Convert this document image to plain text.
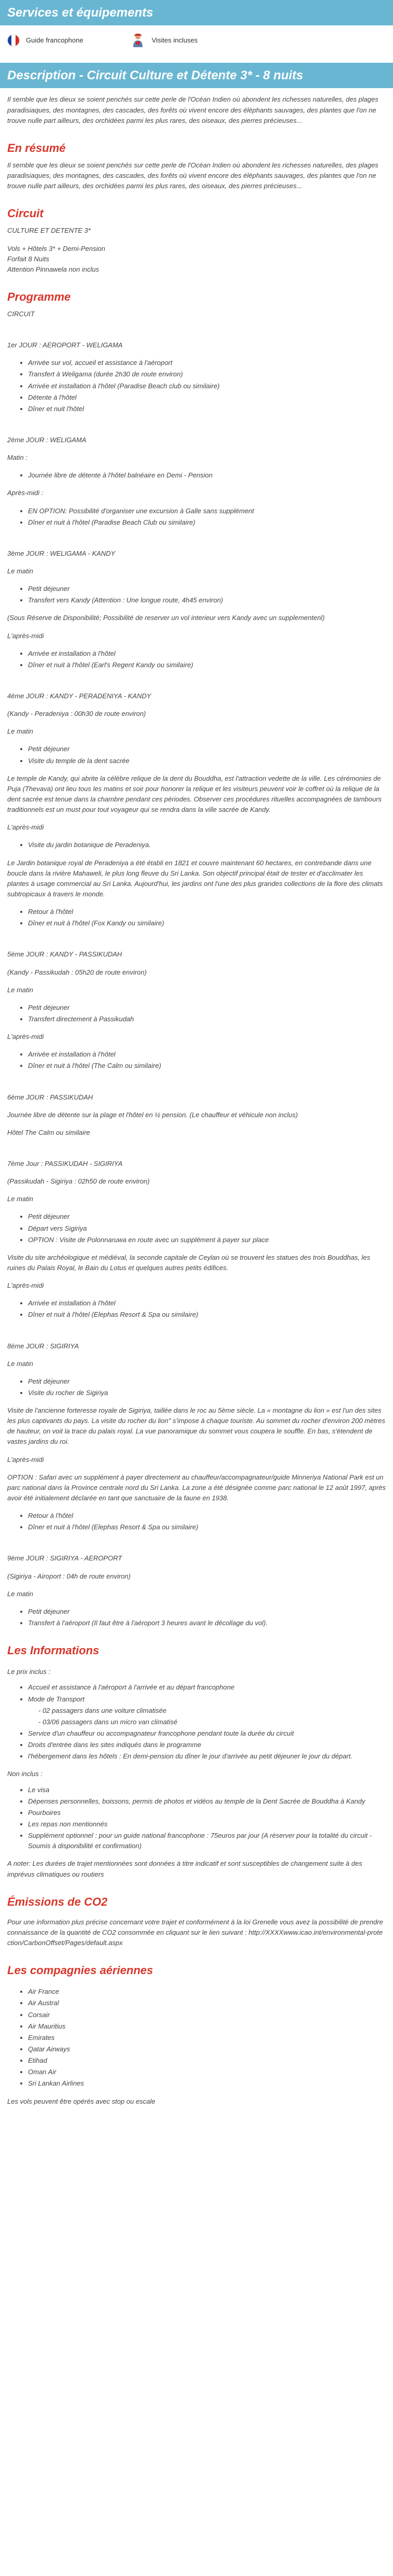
Services et équipements
Guide francophone	Visites incluses
Description - Circuit Culture et Détente 3* - 8 nuits

Il semble que les dieux se soient penchés sur cette perle de l'Océan Indien où abondent les richesses naturelles, des plages paradisiaques, des montagnes, des cascades, des forêts où vivent encore des éléphants sauvages, des plantes que l'on ne trouve nulle part ailleurs, des orchidées parmi les plus rares, des oiseaux, des pierres précieuses...

En résumé

Il semble que les dieux se soient penchés sur cette perle de l'Océan Indien où abondent les richesses naturelles, des plages paradisiaques, des montagnes, des cascades, des forêts où vivent encore des éléphants sauvages, des plantes que l'on ne trouve nulle part ailleurs, des orchidées parmi les plus rares, des oiseaux, des pierres précieuses...

Circuit

CULTURE ET DETENTE 3*

Vols + Hôtels 3* + Demi-Pension

Forfait 8 Nuits

Attention Pinnawela non inclus

Programme

CIRCUIT

1er JOUR : AEROPORT - WELIGAMA

• Arrivée sur vol, accueil et assistance à l'aéroport
• Transfert à Weligama (durée 2h30 de route environ)
• Arrivée et installation à l'hôtel (Paradise Beach club ou similaire)
• Détente à l'hôtel
• Dîner et nuit l'hôtel

2ème JOUR : WELIGAMA

Matin :

• Journée libre de détente à l'hôtel balnéaire en Demi - Pension

Après-midi :

• EN OPTION: Possibilité d'organiser une excursion à Galle sans supplément
• Dîner et nuit à l'hôtel (Paradise Beach Club ou similaire)

3ème JOUR : WELIGAMA - KANDY

Le matin

• Petit déjeuner
• Transfert vers Kandy (Attention : Une longue route, 4h45 environ)

(Sous Réserve de Disponibilité; Possibilité de reserver un vol interieur vers Kandy avec un supplementenl)

L'après-midi

• Arrivée et installation à l'hôtel
• Dîner et nuit à l'hôtel (Earl's Regent Kandy ou similaire)

4ème JOUR : KANDY - PERADENIYA - KANDY

(Kandy - Peradeniya : 00h30 de route environ)

Le matin

• Petit déjeuner
• Visite du temple de la dent sacrée

Le temple de Kandy, qui abrite la célèbre relique de la dent du Bouddha, est l'attraction vedette de la ville. Les cérémonies de Puja (Thevava) ont lieu tous les matins et soir pour honorer la relique et les visiteurs peuvent voir le coffret où la relique de la dent sacrée est tenue dans la chambre pendant ces périodes. Observer ces procédures rituelles accompagnées de tambours traditionnels est un must pour tout voyageur qui se rendra dans la ville sacrée de Kandy.

L'après-midi

• Visite du jardin botanique de Peradeniya.

Le Jardin botanique royal de Peradeniya a été établi en 1821 et couvre maintenant 60 hectares, en contrebande dans une boucle dans la rivière Mahaweli, le plus long fleuve du Sri Lanka. Son objectif principal était de tester et d'acclimater les plantes à usage commercial au Sri Lanka. Aujourd'hui, les jardins ont l'une des plus grandes collections de la flore des climats subtropicaux à travers le monde.

• Retour à l'hôtel
• Dîner et nuit à l'hôtel (Fox Kandy ou similaire)

5ème JOUR : KANDY - PASSIKUDAH

(Kandy - Passikudah : 05h20 de route environ)

Le matin

• Petit déjeuner
• Transfert directement à Passikudah

L'après-midi

• Arrivée et installation à l'hôtel
• Dîner et nuit à l'hôtel (The Calm ou similaire)

6ème JOUR : PASSIKUDAH

Journée libre de détente sur la plage et l'hôtel en ½ pension. (Le chauffeur et véhicule non inclus)

Hôtel The Calm ou similaire

7ème Jour : PASSIKUDAH - SIGIRIYA

(Passikudah - Sigiriya : 02h50 de route environ)

Le matin

• Petit déjeuner
• Départ vers Sigiriya
• OPTION : Visite de Polonnaruwa en route avec un supplément à payer sur place

Visite du site archéologique et médiéval, la seconde capitale de Ceylan où se trouvent les statues des trois Bouddhas, les ruines du Palais Royal, le Bain du Lotus et quelques autres petits édifices.

L'après-midi

• Arrivée et installation à l'hôtel
• Dîner et nuit à l'hôtel (Elephas Resort & Spa ou similaire)

8ème JOUR : SIGIRIYA

Le matin

• Petit déjeuner
• Visite du rocher de Sigiriya

Visite de l'ancienne forteresse royale de Sigiriya, taillée dans le roc au 5ème siècle. La « montagne du lion » est l'un des sites les plus captivants du pays. La visite du rocher du lion" s'impose à chaque touriste. Au sommet du rocher d'environ 200 mètres de hauteur, on voit la trace du palais royal. La vue panoramique du sommet vous coupera le souffle. En bas, s'étendent de vastes jardins du roi.

L'après-midi

OPTION : Safari avec un supplément à payer directement au chauffeur/accompagnateur/guide Minneriya National Park est un parc national dans la Province centrale nord du Sri Lanka. La zone a été désignée comme parc national le 12 août 1997, après avoir été initialement déclarée en tant que sanctuaire de la faune en 1938.

• Retour à l'hôtel
• Dîner et nuit à l'hôtel (Elephas Resort & Spa ou similaire)

9ème JOUR : SIGIRIYA - AEROPORT

(Sigiriya - Airoport : 04h de route environ)

Le matin

• Petit déjeuner
• Transfert à l'aéroport (Il faut être à l'aéroport 3 heures avant le décollage du vol).
Les Informations

Le prix inclus :

• Accueil et assistance à l'aéroport à l'arrivée et au départ francophone
• Mode de Transport
- 02 passagers dans une voiture climatisée
- 03/06 passagers dans un micro van climatisé
• Service d'un chauffeur ou accompagnateur francophone pendant toute la durée du circuit
• Droits d'entrée dans les sites indiqués dans le programme
• l'hébergement dans les hôtels : En demi-pension du dîner le jour d'arrivée au petit déjeuner le jour du départ.

Non inclus :

• Le visa
• Dépenses personnelles, boissons, permis de photos et vidéos au temple de la Dent Sacrée de Bouddha à Kandy
• Pourboires
• Les repas non mentionnés
• Supplément optionnel : pour un guide national francophone : 75euros par jour (A réserver pour la totalité du circuit - Soumis à disponibilité et confirmation)

A noter: Les durées de trajet mentionnées sont données à titre indicatif et sont susceptibles de changement suite à des imprévus climatiques ou routiers

Émissions de CO2

Pour une information plus précise concernant votre trajet et conformément à la loi Grenelle vous avez la possibilité de prendre connaissance de la quantité de CO2 consommée en cliquant sur le lien suivant : http://XXXXwww.icao.int/environmental-protection/CarbonOffset/Pages/default.aspx

Les compagnies aériennes
• Air France
• Air Austral
• Corsair
• Air Mauritius
• Emirates
• Qatar Airways
• Etihad
• Oman Air
• Sri Lankan Airlines

Les vols peuvent être opérés avec stop ou escale
